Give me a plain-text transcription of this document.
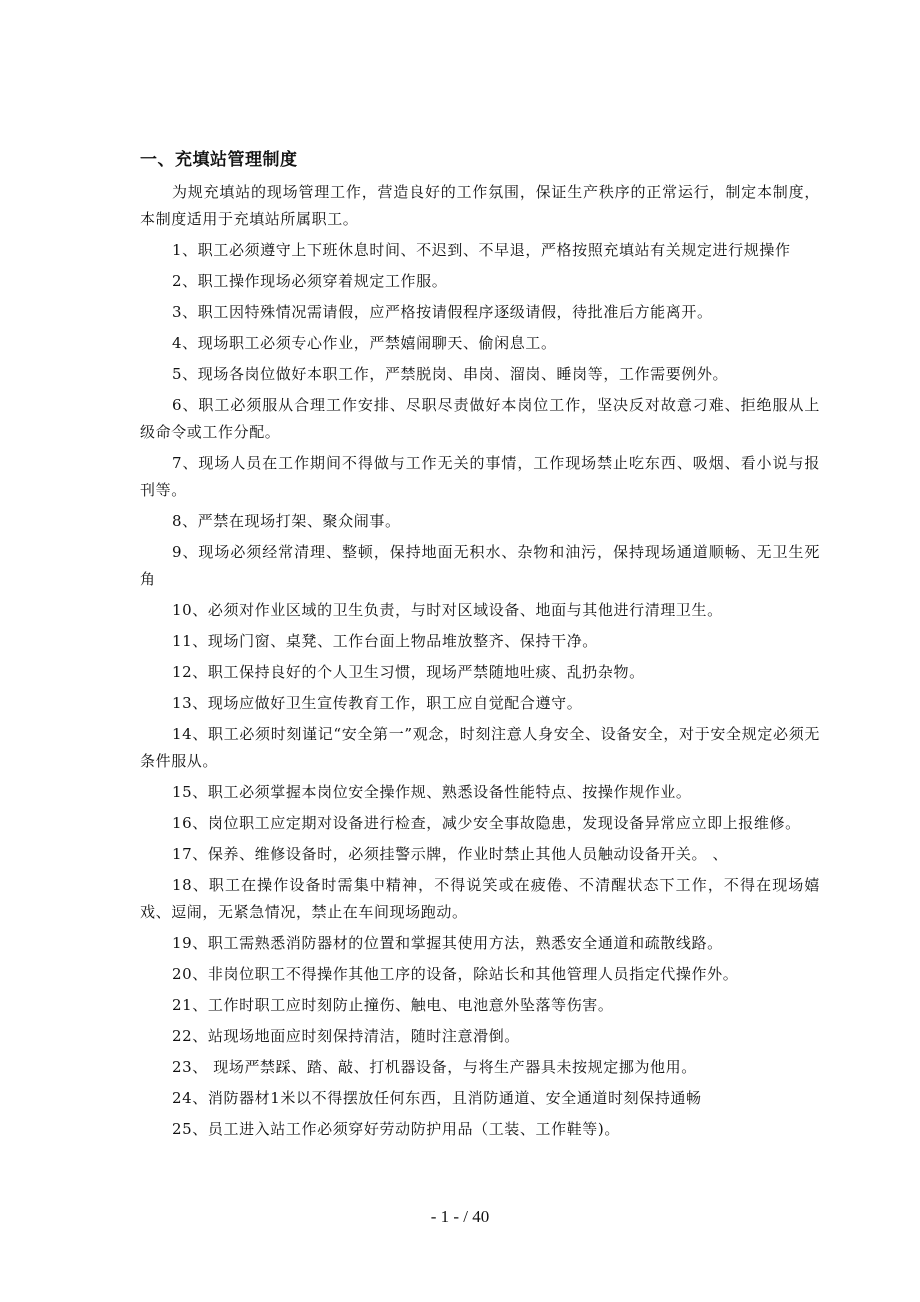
一、充填站管理制度

为规充填站的现场管理工作，营造良好的工作氛围，保证生产秩序的正常运行，制定本制度，本制度适用于充填站所属职工。

1、职工必须遵守上下班休息时间、不迟到、不早退，严格按照充填站有关规定进行规操作

2、职工操作现场必须穿着规定工作服。

3、职工因特殊情况需请假，应严格按请假程序逐级请假，待批准后方能离开。

4、现场职工必须专心作业，严禁嬉闹聊天、偷闲息工。

5、现场各岗位做好本职工作，严禁脱岗、串岗、溜岗、睡岗等，工作需要例外。

6、职工必须服从合理工作安排、尽职尽责做好本岗位工作，坚决反对故意刁难、拒绝服从上级命令或工作分配。

7、现场人员在工作期间不得做与工作无关的事情，工作现场禁止吃东西、吸烟、看小说与报刊等。

8、严禁在现场打架、聚众闹事。

9、现场必须经常清理、整顿，保持地面无积水、杂物和油污，保持现场通道顺畅、无卫生死角

10、必须对作业区域的卫生负责，与时对区域设备、地面与其他进行清理卫生。

11、现场门窗、桌凳、工作台面上物品堆放整齐、保持干净。

12、职工保持良好的个人卫生习惯，现场严禁随地吐痰、乱扔杂物。

13、现场应做好卫生宣传教育工作，职工应自觉配合遵守。

14、职工必须时刻谨记“安全第一”观念，时刻注意人身安全、设备安全，对于安全规定必须无条件服从。

15、职工必须掌握本岗位安全操作规、熟悉设备性能特点、按操作规作业。

16、岗位职工应定期对设备进行检查，减少安全事故隐患，发现设备异常应立即上报维修。

17、保养、维修设备时，必须挂警示牌，作业时禁止其他人员触动设备开关。 、

18、职工在操作设备时需集中精神，不得说笑或在疲倦、不清醒状态下工作，不得在现场嬉戏、逗闹，无紧急情况，禁止在车间现场跑动。

19、职工需熟悉消防器材的位置和掌握其使用方法，熟悉安全通道和疏散线路。

20、非岗位职工不得操作其他工序的设备，除站长和其他管理人员指定代操作外。

21、工作时职工应时刻防止撞伤、触电、电池意外坠落等伤害。

22、站现场地面应时刻保持清洁，随时注意滑倒。

23、 现场严禁踩、踏、敲、打机器设备，与将生产器具未按规定挪为他用。

24、消防器材1米以不得摆放任何东西，且消防通道、安全通道时刻保持通畅

25、员工进入站工作必须穿好劳动防护用品（工装、工作鞋等)。

- 1 - / 40
